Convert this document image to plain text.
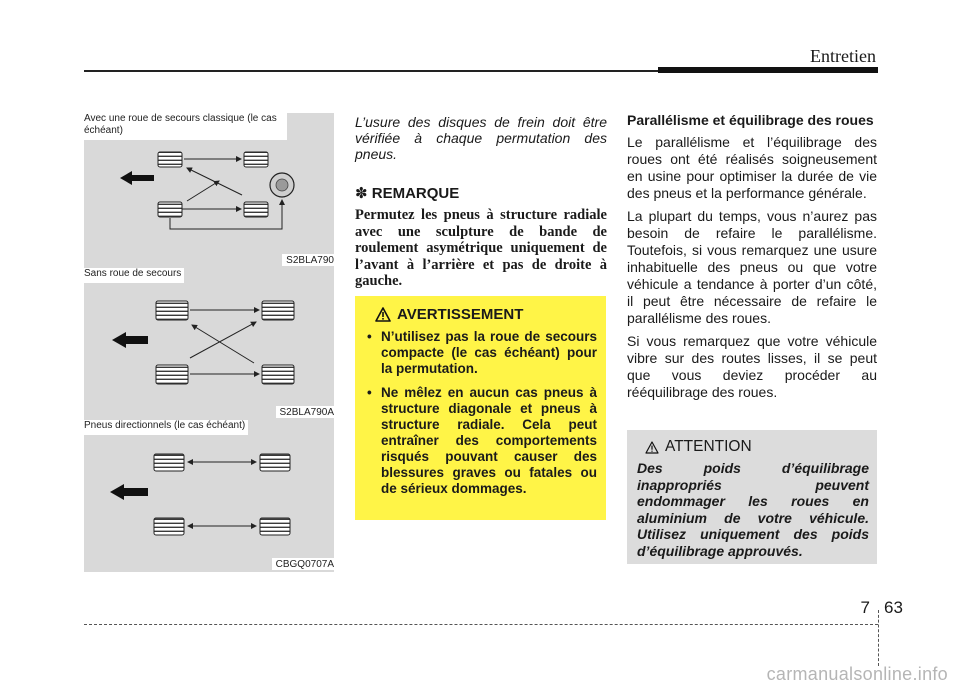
Entretien
Avec une roue de secours classique (le cas échéant)
S2BLA790
Sans roue de secours
S2BLA790A
Pneus directionnels (le cas échéant)
CBGQ0707A

L’usure des disques de frein doit être vérifiée à chaque permutation des pneus.

✽ REMARQUE
Permutez les pneus à structure radiale avec une sculpture de bande de roulement asymétrique uniquement de l’avant à l’arrière et pas de droite à gauche.
AVERTISSEMENT
• N’utilisez pas la roue de secours compacte (le cas échéant) pour la permutation.
• Ne mêlez en aucun cas pneus à structure diagonale et pneus à structure radiale. Cela peut entraîner des comportements risqués pouvant causer des blessures graves ou fatales ou de sérieux dommages.
Parallélisme et équilibrage des roues

Le parallélisme et l’équilibrage des roues ont été réalisés soigneusement en usine pour optimiser la durée de vie des pneus et la performance générale.

La plupart du temps, vous n’aurez pas besoin de refaire le parallélisme. Toutefois, si vous remarquez une usure inhabituelle des pneus ou que votre véhicule a tendance à porter d’un côté, il peut être nécessaire de refaire le parallélisme des roues.

Si vous remarquez que votre véhicule vibre sur des routes lisses, il se peut que vous deviez procéder au rééquilibrage des roues.

ATTENTION
Des poids d’équilibrage inappropriés peuvent endommager les roues en aluminium de votre véhicule. Utilisez uniquement des poids d’équilibrage approuvés.
7 63
carmanualsonline.info
